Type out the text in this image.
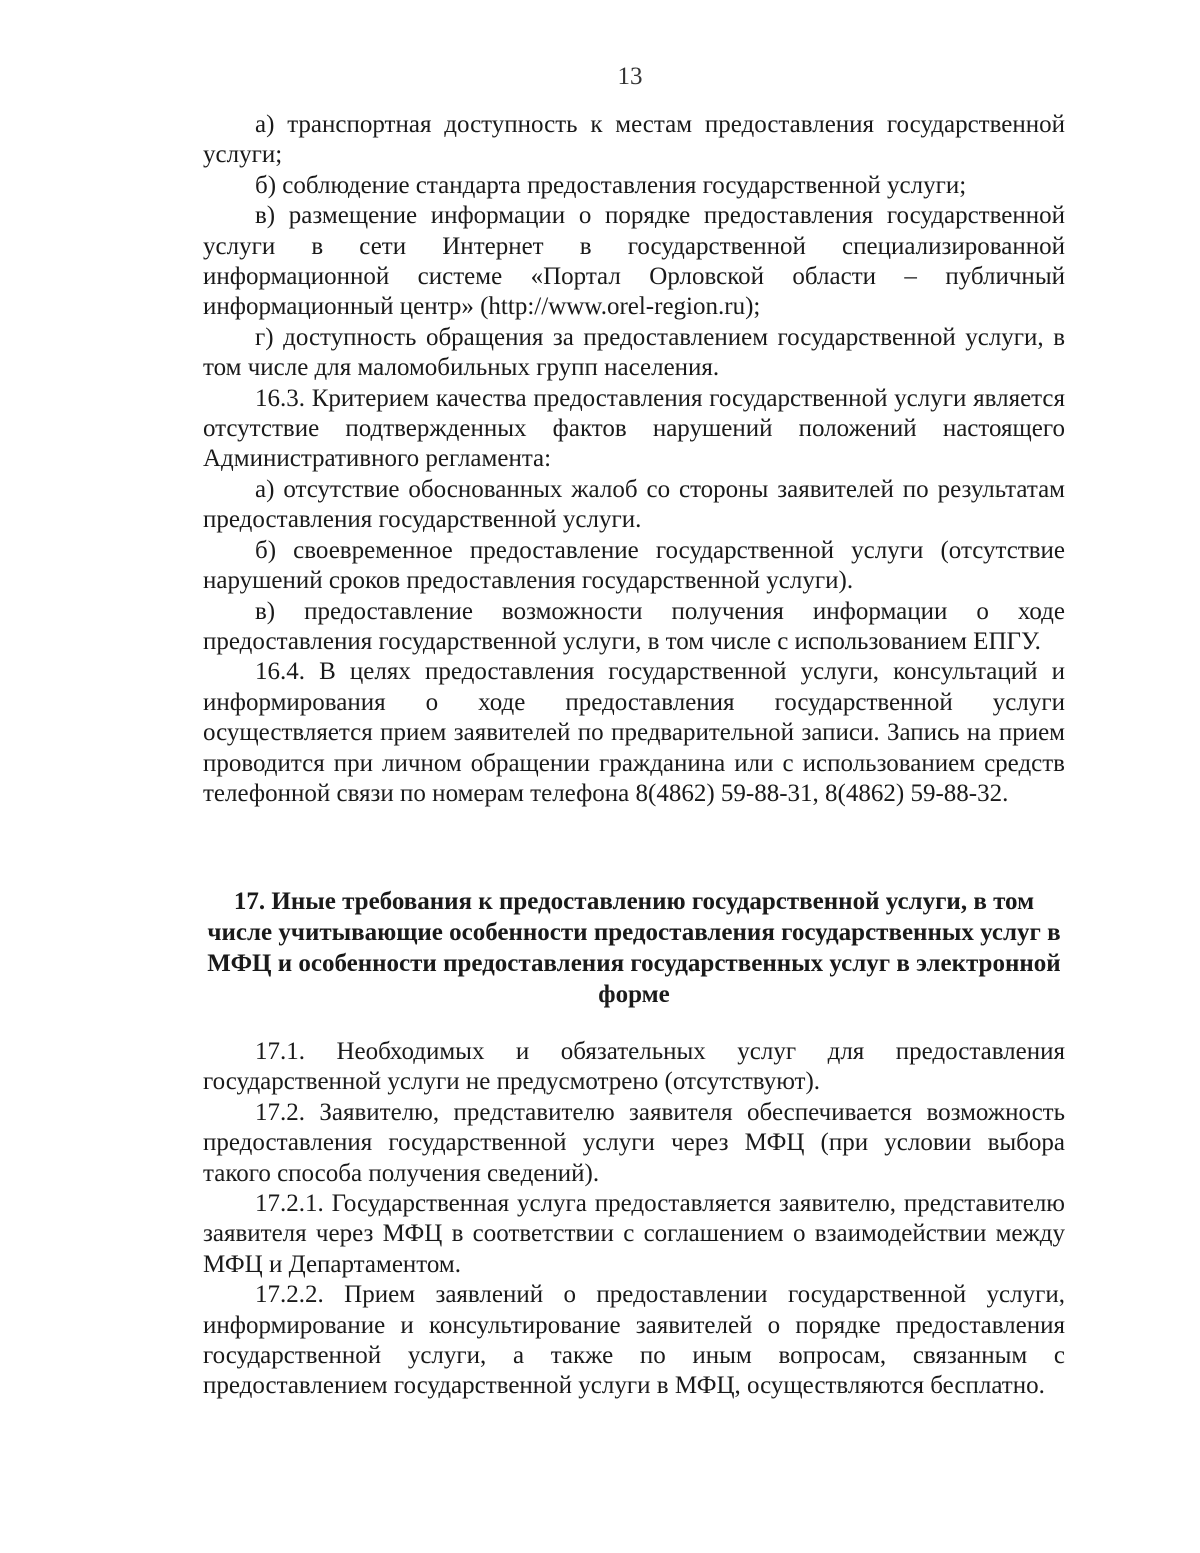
13

а) транспортная доступность к местам предоставления государственной услуги;

б) соблюдение стандарта предоставления государственной услуги;

в) размещение информации о порядке предоставления государственной услуги в сети Интернет в государственной специализированной информационной системе «Портал Орловской области – публичный информационный центр» (http://www.orel-region.ru);

г) доступность обращения за предоставлением государственной услуги, в том числе для маломобильных групп населения.

16.3. Критерием качества предоставления государственной услуги является отсутствие подтвержденных фактов нарушений положений настоящего Административного регламента:

а) отсутствие обоснованных жалоб со стороны заявителей по результатам предоставления государственной услуги.

б) своевременное предоставление государственной услуги (отсутствие нарушений сроков предоставления государственной услуги).

в) предоставление возможности получения информации о ходе предоставления государственной услуги, в том числе с использованием ЕПГУ.

16.4. В целях предоставления государственной услуги, консультаций и информирования о ходе предоставления государственной услуги осуществляется прием заявителей по предварительной записи. Запись на прием проводится при личном обращении гражданина или с использованием средств телефонной связи по номерам телефона 8(4862) 59-88-31, 8(4862) 59-88-32.

17. Иные требования к предоставлению государственной услуги, в том числе учитывающие особенности предоставления государственных услуг в МФЦ и особенности предоставления государственных услуг в электронной форме

17.1. Необходимых и обязательных услуг для предоставления государственной услуги не предусмотрено (отсутствуют).

17.2. Заявителю, представителю заявителя обеспечивается возможность предоставления государственной услуги через МФЦ (при условии выбора такого способа получения сведений).

17.2.1. Государственная услуга предоставляется заявителю, представителю заявителя через МФЦ в соответствии с соглашением о взаимодействии между МФЦ и Департаментом.

17.2.2. Прием заявлений о предоставлении государственной услуги, информирование и консультирование заявителей о порядке предоставления государственной услуги, а также по иным вопросам, связанным с предоставлением государственной услуги в МФЦ, осуществляются бесплатно.
